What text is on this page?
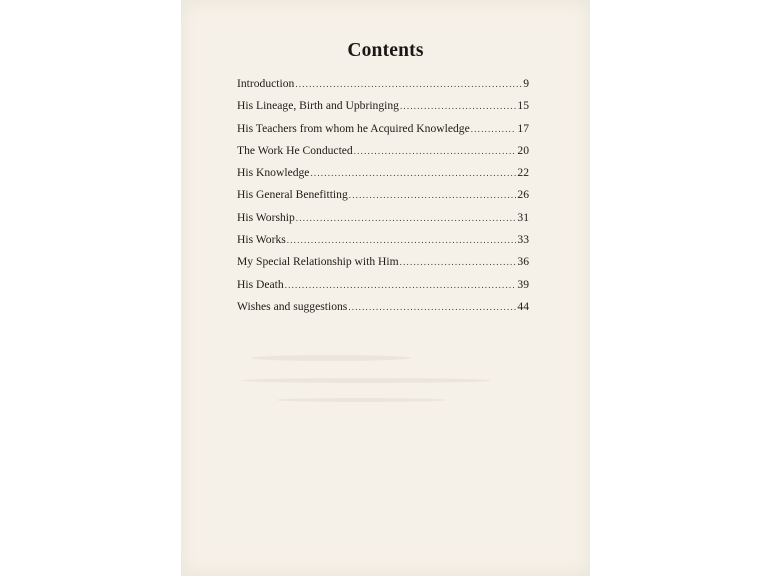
Contents
Introduction .....	9
His Lineage, Birth and Upbringing .....	15
His Teachers from whom he Acquired Knowledge .....	17
The Work He Conducted .....	20
His Knowledge .....	22
His General Benefitting .....	26
His Worship .....	31
His Works .....	33
My Special Relationship with Him .....	36
His Death .....	39
Wishes and suggestions .....	44
